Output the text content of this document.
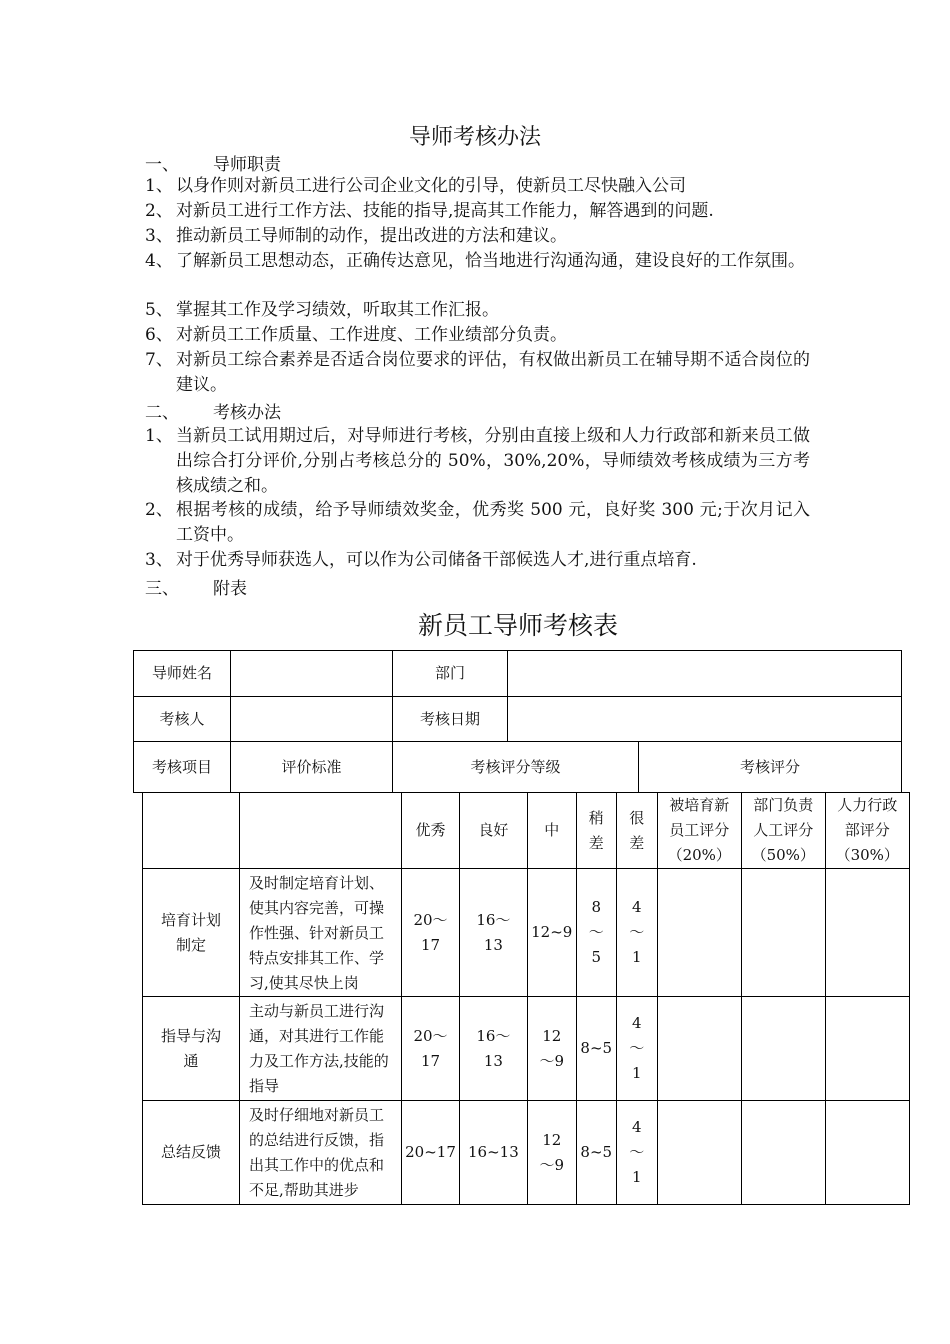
导师考核办法
一、 导师职责
1、 以身作则对新员工进行公司企业文化的引导，使新员工尽快融入公司
2、 对新员工进行工作方法、技能的指导,提高其工作能力，解答遇到的问题.
3、 推动新员工导师制的动作，提出改进的方法和建议。
4、 了解新员工思想动态，正确传达意见，恰当地进行沟通沟通，建设良好的工作氛围。
5、 掌握其工作及学习绩效，听取其工作汇报。
6、 对新员工工作质量、工作进度、工作业绩部分负责。
7、 对新员工综合素养是否适合岗位要求的评估，有权做出新员工在辅导期不适合岗位的建议。
二、 考核办法
1、 当新员工试用期过后，对导师进行考核，分别由直接上级和人力行政部和新来员工做出综合打分评价,分别占考核总分的 50%，30%,20%，导师绩效考核成绩为三方考核成绩之和。
2、 根据考核的成绩，给予导师绩效奖金，优秀奖 500 元，良好奖 300 元;于次月记入工资中。
3、 对于优秀导师获选人，可以作为公司储备干部候选人才,进行重点培育.
三、 附表
新员工导师考核表
导师姓名		部门		
考核人		考核日期		
考核项目	评价标准	考核评分等级		考核评分
		优秀	良好	中	稍差	很差	被培育新员工评分（20%）	部门负责人工评分（50%）	人力行政部评分（30%）
培育计划制定	及时制定培育计划、使其内容完善，可操作性强、针对新员工特点安排其工作、学习,使其尽快上岗	20～17	16～13	12~9	8～5	4～1			
指导与沟通	主动与新员工进行沟通，对其进行工作能力及工作方法,技能的指导	20～17	16～13	12～9	8~5	4～1			
总结反馈	及时仔细地对新员工的总结进行反馈，指出其工作中的优点和不足,帮助其进步	20~17	16~13	12～9	8~5	4～1			
